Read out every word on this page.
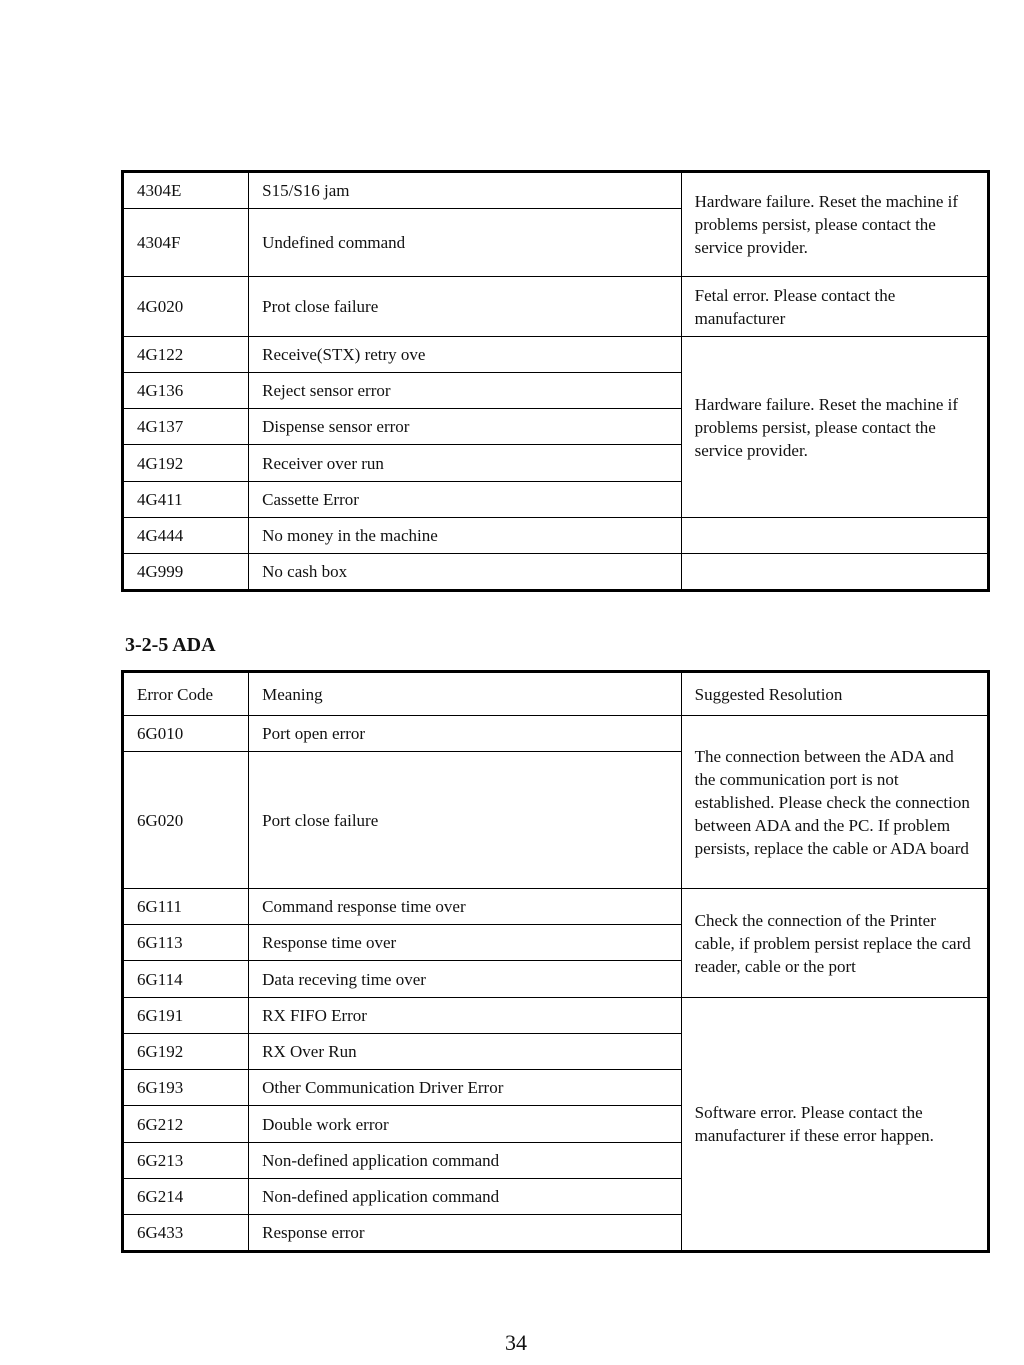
4304E	S15/S16 jam	Hardware failure. Reset the machine if problems persist, please contact the service provider.
4304F	Undefined command	
4G020	Prot close failure	Fetal error. Please contact the manufacturer
4G122	Receive(STX) retry ove	Hardware failure. Reset the machine if problems persist, please contact the service provider.
4G136	Reject sensor error	
4G137	Dispense sensor error	
4G192	Receiver over run	
4G411	Cassette Error	
4G444	No money in the machine	
4G999	No cash box	
3-2-5 ADA
Error Code	Meaning	Suggested Resolution
6G010	Port open error	The connection between the ADA and the communication port is not established. Please check the connection between ADA and the PC. If problem persists, replace the cable or ADA board
6G020	Port close failure	
6G111	Command response time over	Check the connection of the Printer cable, if problem persist replace the card reader, cable or the port
6G113	Response time over	
6G114	Data receving time over	
6G191	RX FIFO Error	Software error. Please contact the manufacturer if these error happen.
6G192	RX Over Run	
6G193	Other Communication Driver Error	
6G212	Double work error	
6G213	Non-defined application command	
6G214	Non-defined application command	
6G433	Response error	
34
